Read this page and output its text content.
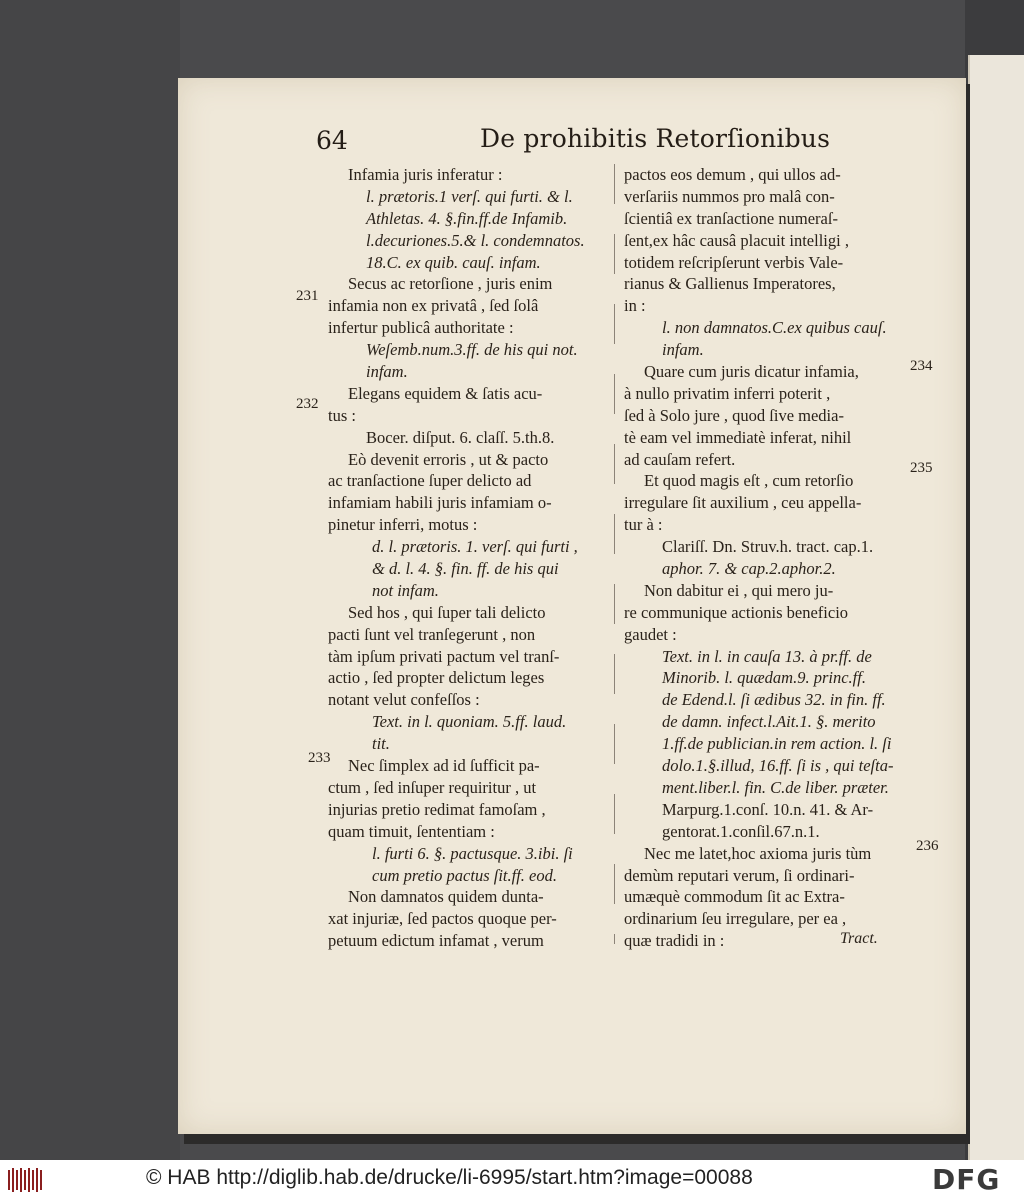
64	De prohibitis Retorſionibus
Infamia juris inferatur :
l. prætoris.1 verſ. qui furti. & l.
Athletas. 4. §.fin.ff.de Infamib.
l.decuriones.5.& l. condemnatos.
18.C. ex quib. cauſ. infam.
Secus ac retorſione , juris enim
infamia non ex privatâ , ſed ſolâ
infertur publicâ authoritate :
Weſemb.num.3.ff. de his qui not.
infam.
Elegans equidem & ſatis acu-
tus :
Bocer. diſput. 6. claſſ. 5.th.8.
Eò devenit erroris , ut & pacto
ac tranſactione ſuper delicto ad
infamiam habili juris infamiam o-
pinetur inferri, motus :
d. l. prætoris. 1. verſ. qui furti ,
& d. l. 4. §. fin. ff. de his qui
not infam.
Sed hos , qui ſuper tali delicto
pacti ſunt vel tranſegerunt , non
tàm ipſum privati pactum vel tranſ-
actio , ſed propter delictum leges
notant velut confeſſos :
Text. in l. quoniam. 5.ff. laud.
tit.
Nec ſimplex ad id ſufficit pa-
ctum , ſed inſuper requiritur , ut
injurias pretio redimat famoſam ,
quam timuit, ſententiam :
l. furti 6. §. pactusque. 3.ibi. ſi
cum pretio pactus ſit.ff. eod.
Non damnatos quidem dunta-
xat injuriæ, ſed pactos quoque per-
petuum edictum infamat , verum
pactos eos demum , qui ullos ad-
verſariis nummos pro malâ con-
ſcientiâ ex tranſactione numeraſ-
ſent,ex hâc causâ placuit intelligi ,
totidem reſcripſerunt verbis Vale-
rianus & Gallienus Imperatores,
in :
l. non damnatos.C.ex quibus cauſ.
infam.
Quare cum juris dicatur infamia,
à nullo privatim inferri poterit ,
ſed à Solo jure , quod ſive media-
tè eam vel immediatè inferat, nihil
ad cauſam refert.
Et quod magis eſt , cum retorſio
irregulare ſit auxilium , ceu appella-
tur à :
Clariſſ. Dn. Struv.h. tract. cap.1.
aphor. 7. & cap.2.aphor.2.
Non dabitur ei , qui mero ju-
re communique actionis beneficio
gaudet :
Text. in l. in cauſa 13. à pr.ff. de
Minorib. l. quædam.9. princ.ff.
de Edend.l. ſi ædibus 32. in fin. ff.
de damn. infect.l.Ait.1. §. merito
1.ff.de publician.in rem action. l. ſi
dolo.1.§.illud, 16.ff. ſi is , qui teſta-
ment.liber.l. fin. C.de liber. præter.
Marpurg.1.conſ. 10.n. 41. & Ar-
gentorat.1.conſil.67.n.1.
Nec me latet,hoc axioma juris tùm
demùm reputari verum, ſi ordinari-
umæquè commodum ſit ac Extra-
ordinarium ſeu irregulare, per ea ,
quæ tradidi in :
231
232
233
234
235
236
Tract.
© HAB http://diglib.hab.de/drucke/li-6995/start.htm?image=00088	DFG
